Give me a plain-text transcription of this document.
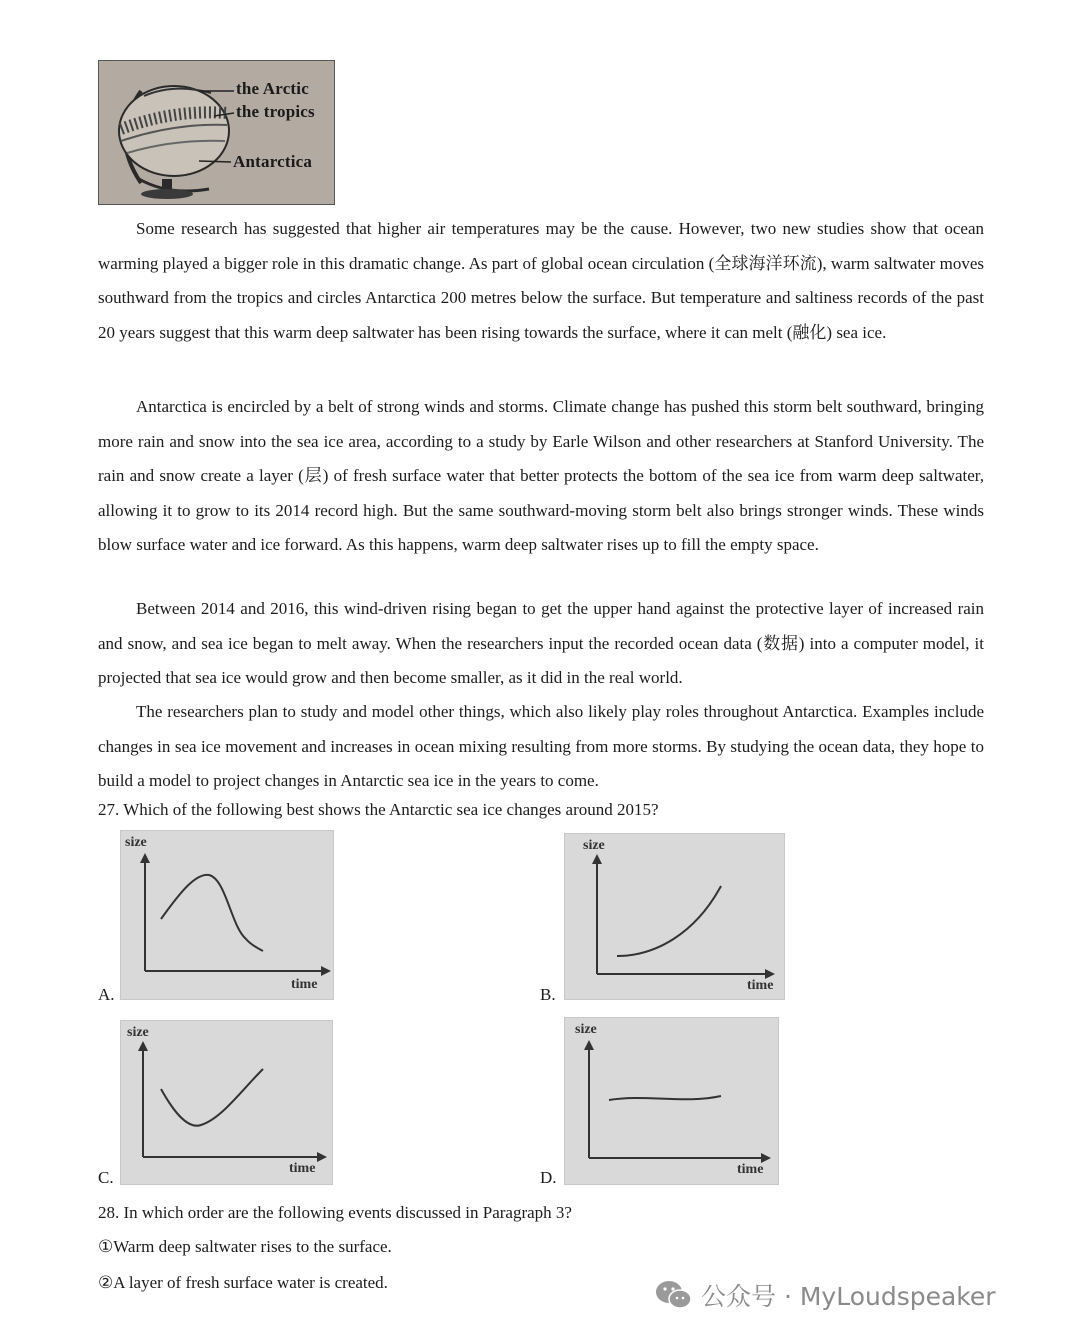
the Arctic
the tropics
Antarctica

Some research has suggested that higher air temperatures may be the cause. However, two new studies show that ocean warming played a bigger role in this dramatic change. As part of global ocean circulation (全球海洋环流), warm saltwater moves southward from the tropics and circles Antarctica 200 metres below the surface. But temperature and saltiness records of the past 20 years suggest that this warm deep saltwater has been rising towards the surface, where it can melt (融化) sea ice.

Antarctica is encircled by a belt of strong winds and storms. Climate change has pushed this storm belt southward, bringing more rain and snow into the sea ice area, according to a study by Earle Wilson and other researchers at Stanford University. The rain and snow create a layer (层) of fresh surface water that better protects the bottom of the sea ice from warm deep saltwater, allowing it to grow to its 2014 record high. But the same southward-moving storm belt also brings stronger winds. These winds blow surface water and ice forward. As this happens, warm deep saltwater rises up to fill the empty space.

Between 2014 and 2016, this wind-driven rising began to get the upper hand against the protective layer of increased rain and snow, and sea ice began to melt away. When the researchers input the recorded ocean data (数据) into a computer model, it projected that sea ice would grow and then become smaller, as it did in the real world.

The researchers plan to study and model other things, which also likely play roles throughout Antarctica. Examples include changes in sea ice movement and increases in ocean mixing resulting from more storms. By studying the ocean data, they hope to build a model to project changes in Antarctic sea ice in the years to come.

27. Which of the following best shows the Antarctic sea ice changes around 2015?
A.
size
time
B.
size
time
C.
size
time	D.
size
time
28. In which order are the following events discussed in Paragraph 3?
①Warm deep saltwater rises to the surface.
②A layer of fresh surface water is created.	公众号 · MyLoudspeaker
